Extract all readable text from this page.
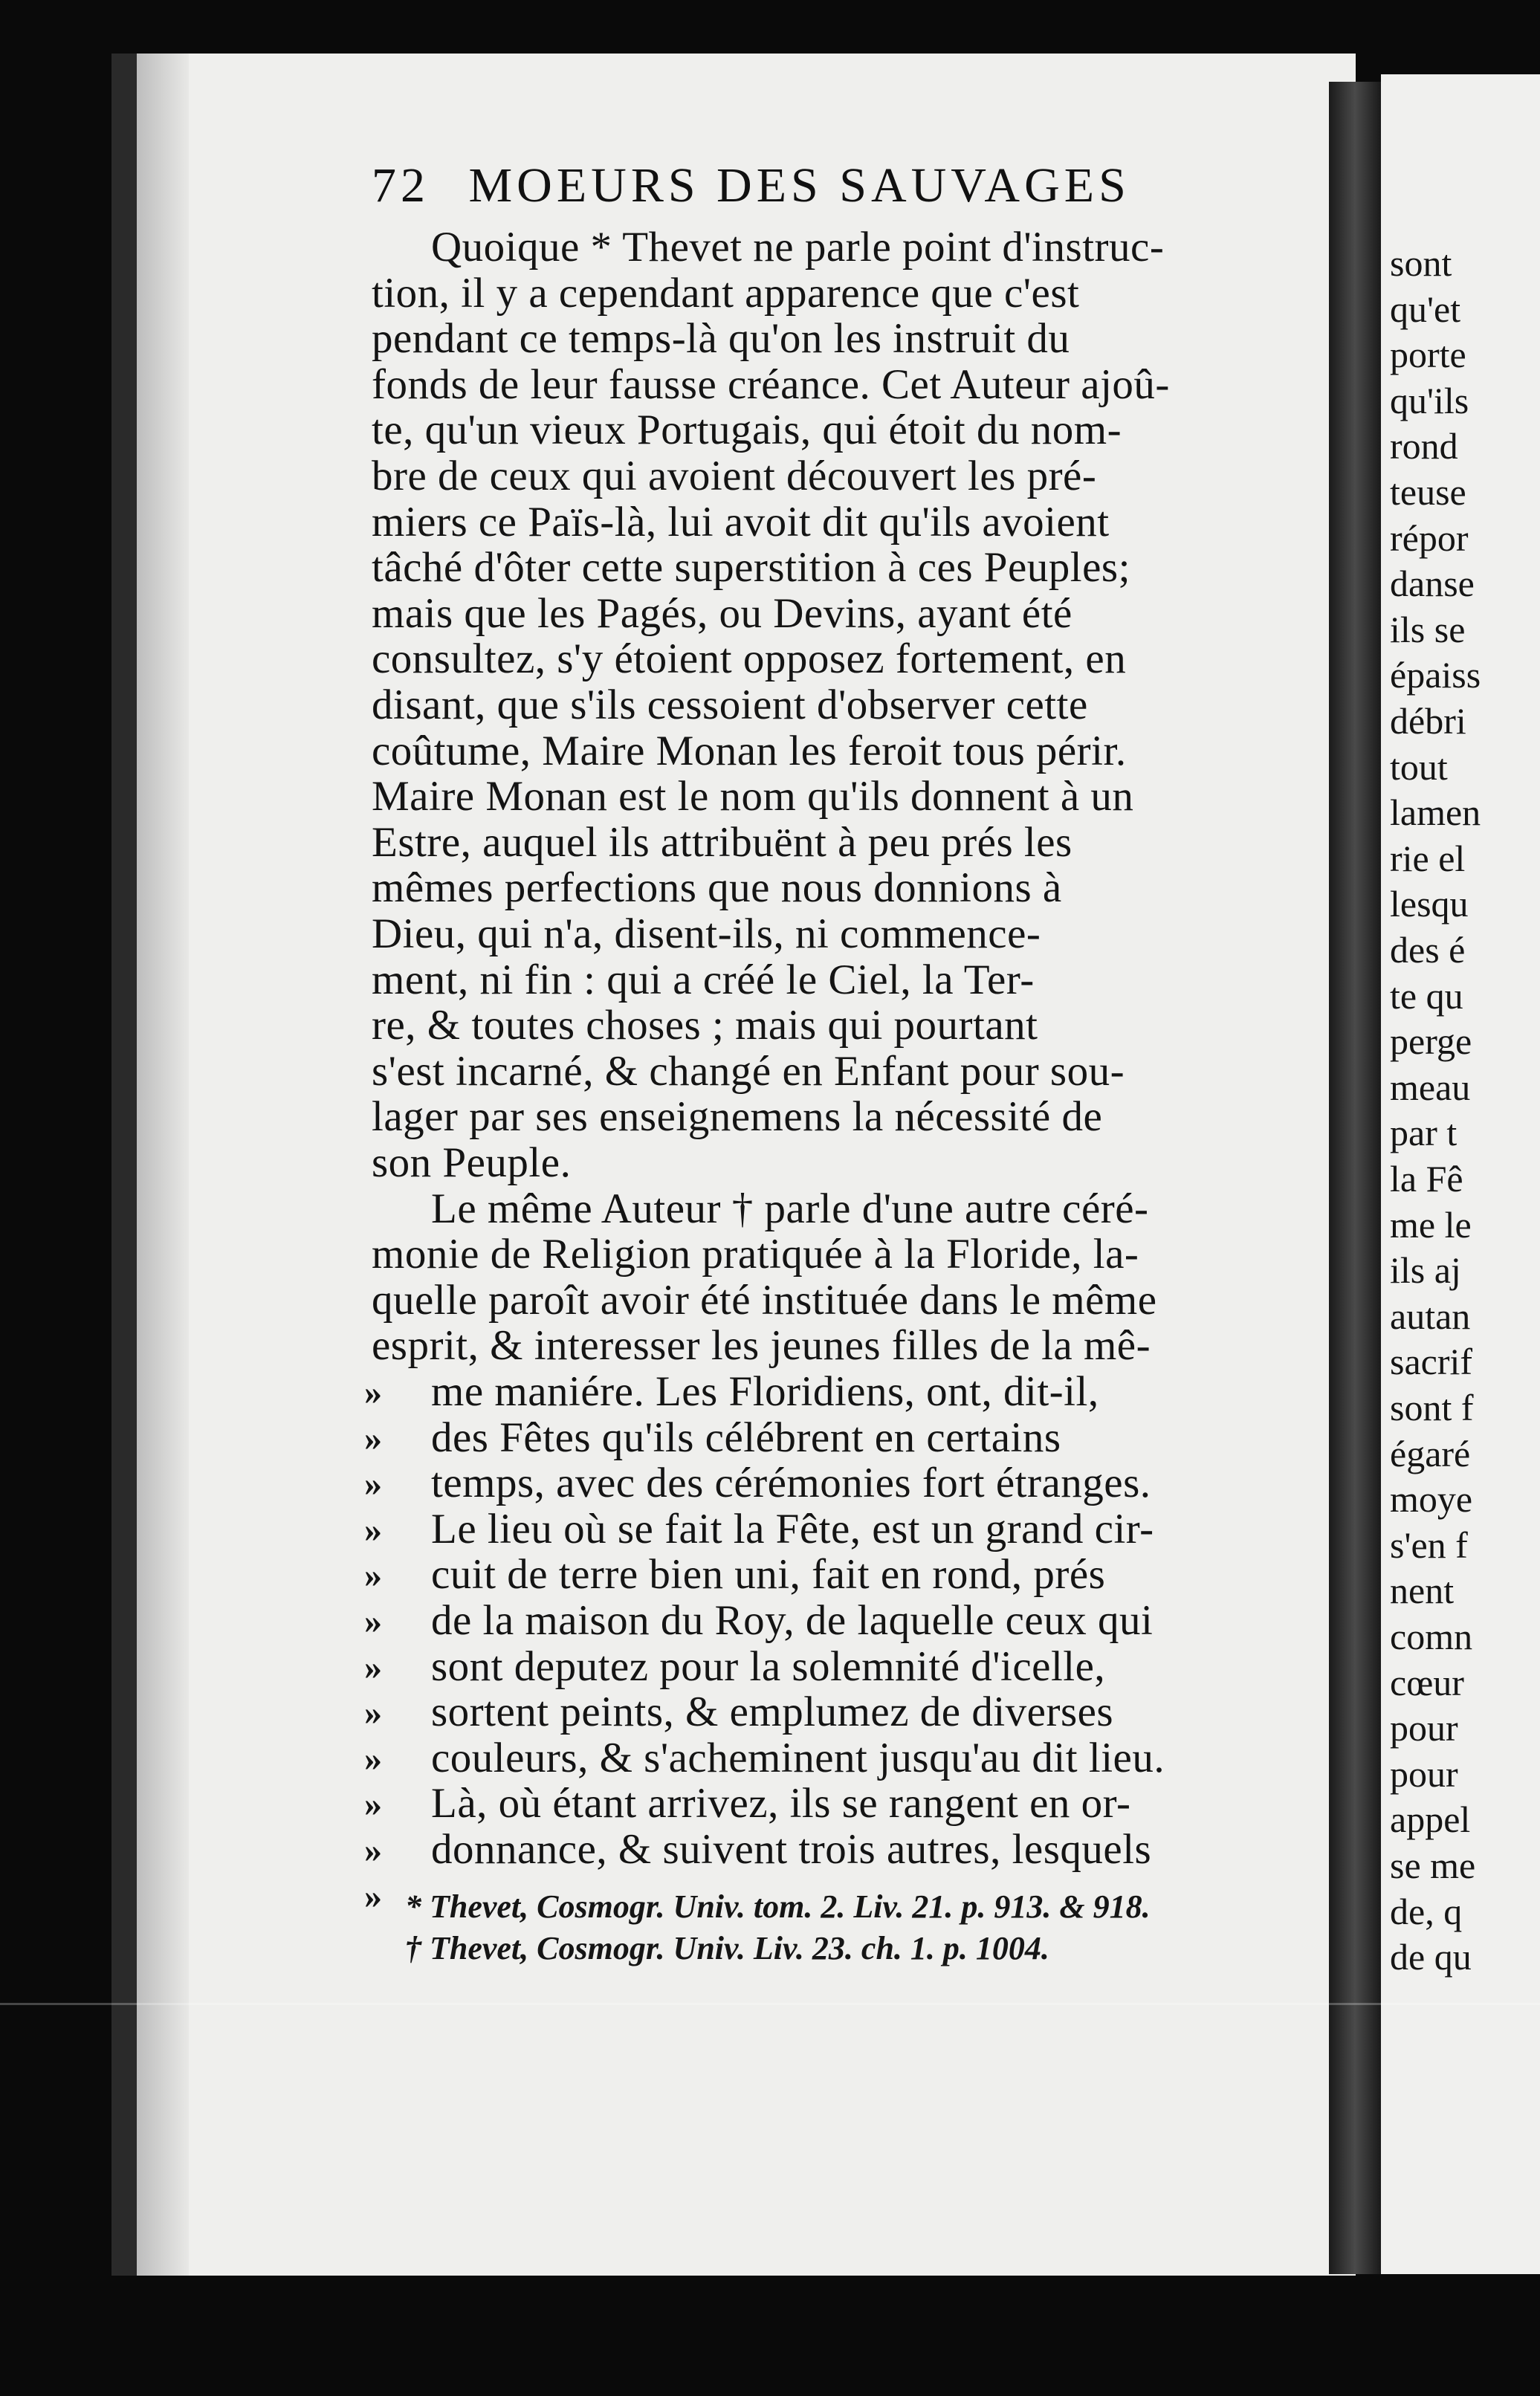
sont
qu'et
porte
qu'ils
rond
teuse
répor
danse
ils se
épaiss
débri
tout
lamen
rie el
lesqu
des é
te qu
perge
meau
par t
la Fê
me le
ils aj
autan
sacrif
sont f
égaré
moye
s'en f
nent
comn
cœur
pour
pour
appel
se me
de, q
de qu
72 MOEURS DES SAUVAGES
Quoique * Thevet ne parle point d'instruc-
tion, il y a cependant apparence que c'est
pendant ce temps-là qu'on les instruit du
fonds de leur fausse créance. Cet Auteur ajoû-
te, qu'un vieux Portugais, qui étoit du nom-
bre de ceux qui avoient découvert les pré-
miers ce Païs-là, lui avoit dit qu'ils avoient
tâché d'ôter cette superstition à ces Peuples;
mais que les Pagés, ou Devins, ayant été
consultez, s'y étoient opposez fortement, en
disant, que s'ils cessoient d'observer cette
coûtume, Maire Monan les feroit tous périr.
Maire Monan est le nom qu'ils donnent à un
Estre, auquel ils attribuënt à peu prés les
mêmes perfections que nous donnions à
Dieu, qui n'a, disent-ils, ni commence-
ment, ni fin : qui a créé le Ciel, la Ter-
re, & toutes choses ; mais qui pourtant
s'est incarné, & changé en Enfant pour sou-
lager par ses enseignemens la nécessité de
son Peuple.
Le même Auteur † parle d'une autre céré-
monie de Religion pratiquée à la Floride, la-
quelle paroît avoir été instituée dans le même
esprit, & interesser les jeunes filles de la mê-
me maniére. Les Floridiens, ont, dit-il,
des Fêtes qu'ils célébrent en certains
temps, avec des cérémonies fort étranges.
Le lieu où se fait la Fête, est un grand cir-
cuit de terre bien uni, fait en rond, prés
de la maison du Roy, de laquelle ceux qui
sont deputez pour la solemnité d'icelle,
sortent peints, & emplumez de diverses
couleurs, & s'acheminent jusqu'au dit lieu.
Là, où étant arrivez, ils se rangent en or-
donnance, & suivent trois autres, lesquels
»
»
»
»
»
»
»
»
»
»
»
» * Thevet, Cosmogr. Univ. tom. 2. Liv. 21. p. 913. & 918.
† Thevet, Cosmogr. Univ. Liv. 23. ch. 1. p. 1004.
